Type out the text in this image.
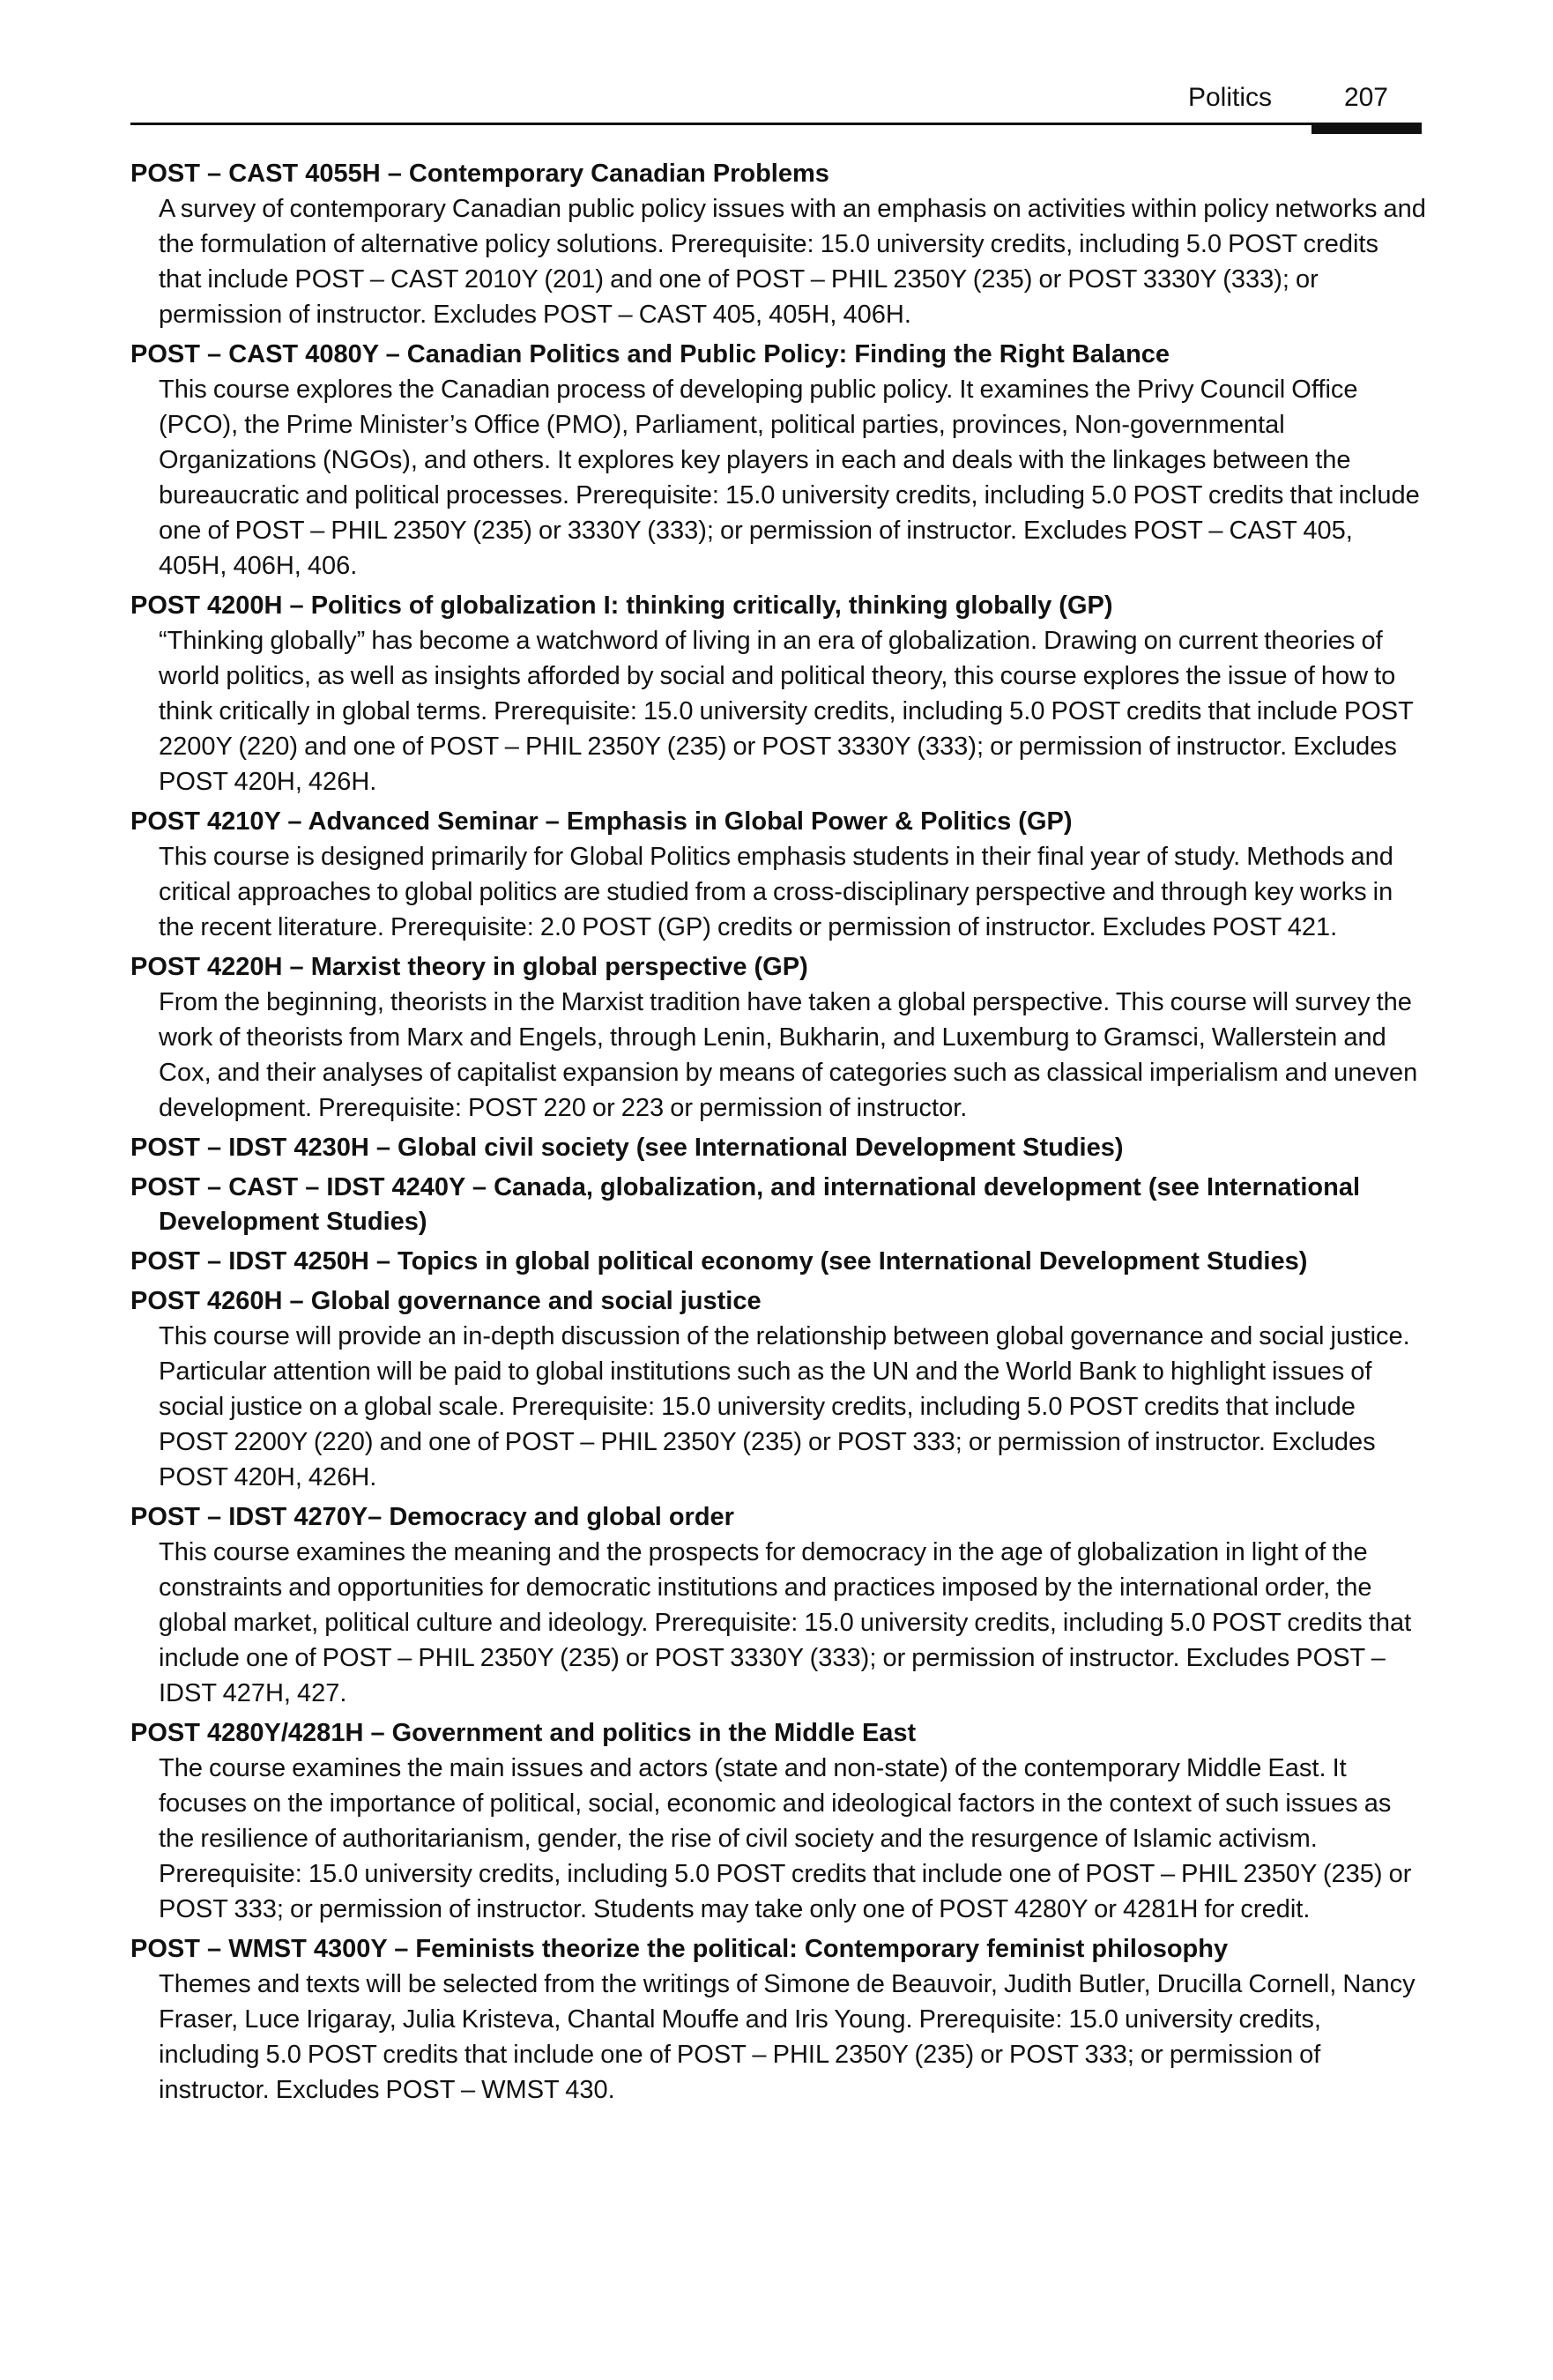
Politics	207
POST – CAST 4055H – Contemporary Canadian Problems
A survey of contemporary Canadian public policy issues with an emphasis on activities within policy networks and the formulation of alternative policy solutions. Prerequisite: 15.0 university credits, including 5.0 POST credits that include POST – CAST 2010Y (201) and one of POST – PHIL 2350Y (235) or POST 3330Y (333); or permission of instructor. Excludes POST – CAST 405, 405H, 406H.
POST – CAST 4080Y – Canadian Politics and Public Policy: Finding the Right Balance
This course explores the Canadian process of developing public policy. It examines the Privy Council Office (PCO), the Prime Minister’s Office (PMO), Parliament, political parties, provinces, Non-governmental Organizations (NGOs), and others. It explores key players in each and deals with the linkages between the bureaucratic and political processes. Prerequisite: 15.0 university credits, including 5.0 POST credits that include one of POST – PHIL 2350Y (235) or 3330Y (333); or permission of instructor. Excludes POST – CAST 405, 405H, 406H, 406.
POST 4200H – Politics of globalization I: thinking critically, thinking globally (GP)
“Thinking globally” has become a watchword of living in an era of globalization. Drawing on current theories of world politics, as well as insights afforded by social and political theory, this course explores the issue of how to think critically in global terms. Prerequisite: 15.0 university credits, including 5.0 POST credits that include POST 2200Y (220) and one of POST – PHIL 2350Y (235) or POST 3330Y (333); or permission of instructor. Excludes POST 420H, 426H.
POST 4210Y – Advanced Seminar – Emphasis in Global Power & Politics (GP)
This course is designed primarily for Global Politics emphasis students in their final year of study. Methods and critical approaches to global politics are studied from a cross-disciplinary perspective and through key works in the recent literature. Prerequisite: 2.0 POST (GP) credits or permission of instructor. Excludes POST 421.
POST 4220H – Marxist theory in global perspective (GP)
From the beginning, theorists in the Marxist tradition have taken a global perspective. This course will survey the work of theorists from Marx and Engels, through Lenin, Bukharin, and Luxemburg to Gramsci, Wallerstein and Cox, and their analyses of capitalist expansion by means of categories such as classical imperialism and uneven development. Prerequisite: POST 220 or 223 or permission of instructor.
POST – IDST 4230H – Global civil society (see International Development Studies)
POST – CAST – IDST 4240Y – Canada, globalization, and international development (see International Development Studies)
POST – IDST 4250H – Topics in global political economy (see International Development Studies)
POST 4260H – Global governance and social justice
This course will provide an in-depth discussion of the relationship between global governance and social justice. Particular attention will be paid to global institutions such as the UN and the World Bank to highlight issues of social justice on a global scale. Prerequisite: 15.0 university credits, including 5.0 POST credits that include POST 2200Y (220) and one of POST – PHIL 2350Y (235) or POST 333; or permission of instructor. Excludes POST 420H, 426H.
POST – IDST 4270Y– Democracy and global order
This course examines the meaning and the prospects for democracy in the age of globalization in light of the constraints and opportunities for democratic institutions and practices imposed by the international order, the global market, political culture and ideology. Prerequisite: 15.0 university credits, including 5.0 POST credits that include one of POST – PHIL 2350Y (235) or POST 3330Y (333); or permission of instructor. Excludes POST – IDST 427H, 427.
POST 4280Y/4281H – Government and politics in the Middle East
The course examines the main issues and actors (state and non-state) of the contemporary Middle East. It focuses on the importance of political, social, economic and ideological factors in the context of such issues as the resilience of authoritarianism, gender, the rise of civil society and the resurgence of Islamic activism. Prerequisite: 15.0 university credits, including 5.0 POST credits that include one of POST – PHIL 2350Y (235) or POST 333; or permission of instructor. Students may take only one of POST 4280Y or 4281H for credit.
POST – WMST 4300Y – Feminists theorize the political: Contemporary feminist philosophy
Themes and texts will be selected from the writings of Simone de Beauvoir, Judith Butler, Drucilla Cornell, Nancy Fraser, Luce Irigaray, Julia Kristeva, Chantal Mouffe and Iris Young. Prerequisite: 15.0 university credits, including 5.0 POST credits that include one of POST – PHIL 2350Y (235) or POST 333; or permission of instructor. Excludes POST – WMST 430.
